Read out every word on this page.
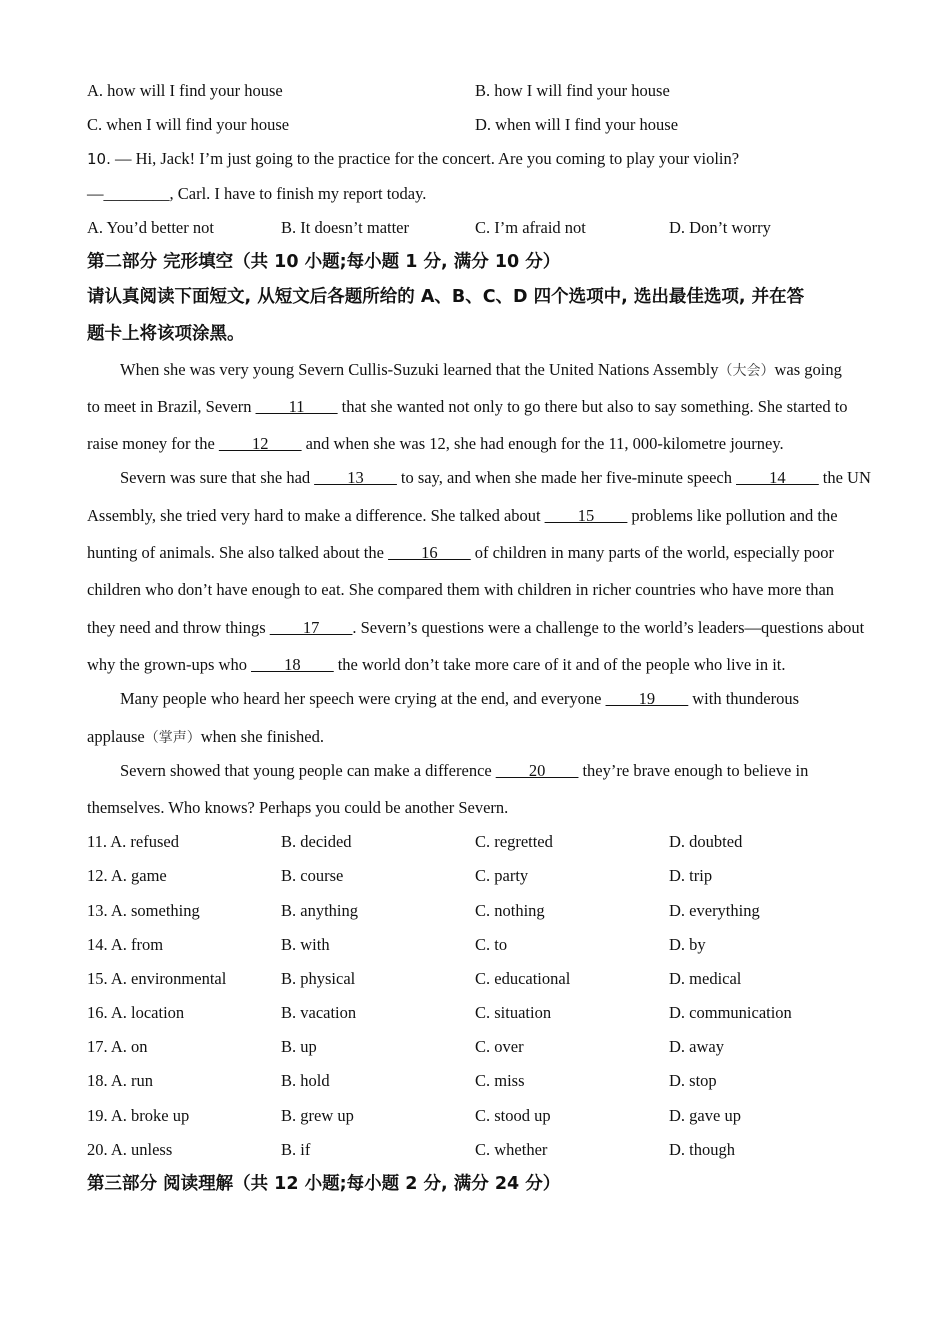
A. how will I find your house	B. how I will find your house
C. when I will find your house	D. when will I find your house
10. — Hi, Jack! I’m just going to the practice for the concert. Are you coming to play your violin?
—________, Carl. I have to finish my report today.
A. You’d better not	B. It doesn’t matter	C. I’m afraid not	D. Don’t worry
第二部分 完形填空（共 10 小题;每小题 1 分, 满分 10 分）
请认真阅读下面短文, 从短文后各题所给的 A、B、C、D 四个选项中, 选出最佳选项, 并在答
题卡上将该项涂黑。
When she was very young Severn Cullis-Suzuki learned that the United Nations Assembly（大会）was going
to meet in Brazil, Severn ____11____ that she wanted not only to go there but also to say something. She started to
raise money for the ____12____ and when she was 12, she had enough for the 11, 000-kilometre journey.
Severn was sure that she had ____13____ to say, and when she made her five-minute speech ____14____ the UN
Assembly, she tried very hard to make a difference. She talked about ____15____ problems like pollution and the
hunting of animals. She also talked about the ____16____ of children in many parts of the world, especially poor
children who don’t have enough to eat. She compared them with children in richer countries who have more than
they need and throw things ____17____. Severn’s questions were a challenge to the world’s leaders—questions about
why the grown-ups who ____18____ the world don’t take more care of it and of the people who live in it.
Many people who heard her speech were crying at the end, and everyone ____19____ with thunderous
applause（掌声）when she finished.
Severn showed that young people can make a difference ____20____ they’re brave enough to believe in
themselves. Who knows? Perhaps you could be another Severn.
11. A. refused	B. decided	C. regretted	D. doubted
12. A. game	B. course	C. party	D. trip
13. A. something	B. anything	C. nothing	D. everything
14. A. from	B. with	C. to	D. by
15. A. environmental	B. physical	C. educational	D. medical
16. A. location	B. vacation	C. situation	D. communication
17. A. on	B. up	C. over	D. away
18. A. run	B. hold	C. miss	D. stop
19. A. broke up	B. grew up	C. stood up	D. gave up
20. A. unless	B. if	C. whether	D. though
第三部分 阅读理解（共 12 小题;每小题 2 分, 满分 24 分）
